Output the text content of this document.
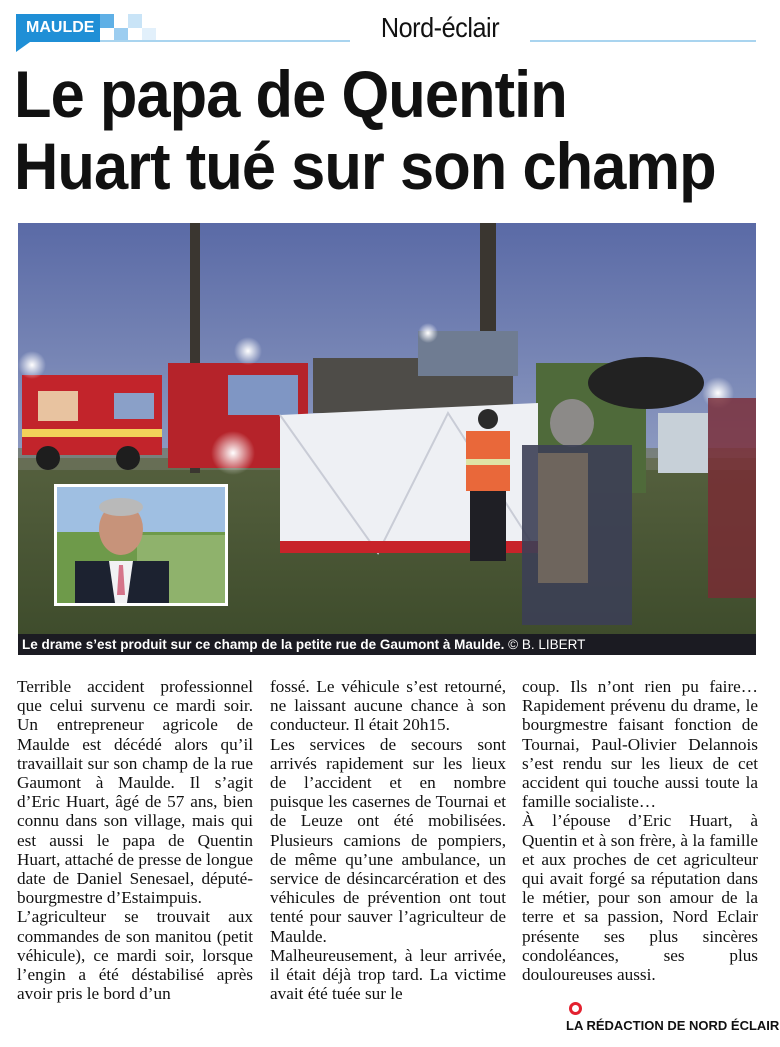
MAULDE	Nord-éclair
Le papa de Quentin
Huart tué sur son champ
Le drame s’est produit sur ce champ de la petite rue de Gaumont à Maulde. © B. LIBERT

Terrible accident professionnel que celui survenu ce mardi soir. Un entrepreneur agricole de Maulde est décédé alors qu’il travaillait sur son champ de la rue Gaumont à Maulde. Il s’agit d’Eric Huart, âgé de 57 ans, bien connu dans son village, mais qui est aussi le papa de Quentin Huart, attaché de presse de longue date de Daniel Senesael, député-bourgmestre d’Estaimpuis.

L’agriculteur se trouvait aux commandes de son manitou (petit véhicule), ce mardi soir, lorsque l’engin a été déstabilisé après avoir pris le bord d’un

fossé. Le véhicule s’est retourné, ne laissant aucune chance à son conducteur. Il était 20h15.

Les services de secours sont arrivés rapidement sur les lieux de l’accident et en nombre puisque les casernes de Tournai et de Leuze ont été mobilisées. Plusieurs camions de pompiers, de même qu’une ambulance, un service de désincarcération et des véhicules de prévention ont tout tenté pour sauver l’agriculteur de Maulde.

Malheureusement, à leur arrivée, il était déjà trop tard. La victime avait été tuée sur le

coup. Ils n’ont rien pu faire… Rapidement prévenu du drame, le bourgmestre faisant fonction de Tournai, Paul-Olivier Delannois s’est rendu sur les lieux de cet accident qui touche aussi toute la famille socialiste…

À l’épouse d’Eric Huart, à Quentin et à son frère, à la famille et aux proches de cet agriculteur qui avait forgé sa réputation dans le métier, pour son amour de la terre et sa passion, Nord Eclair présente ses plus sincères condoléances, ses plus douloureuses aussi.

LA RÉDACTION DE NORD ÉCLAIR
